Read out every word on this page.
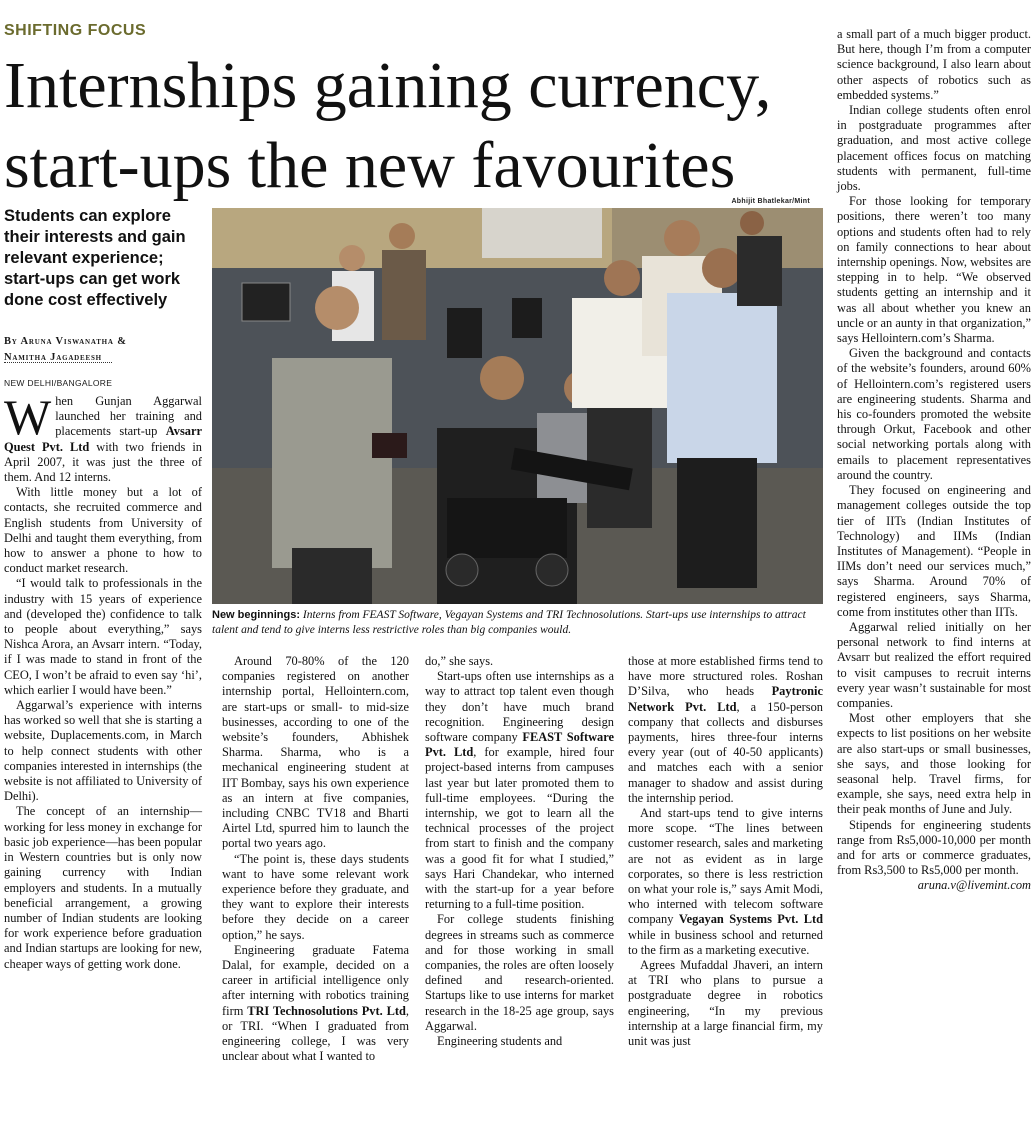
SHIFTING FOCUS
Internships gaining currency,
start-ups the new favourites
Abhijit Bhatlekar/Mint
New beginnings: Interns from FEAST Software, Vegayan Systems and TRI Technosolutions. Start-ups use internships to attract talent and tend to give interns less restrictive roles than big companies would.
Students can explore their interests and gain relevant experience; start-ups can get work done cost effectively
By Aruna Viswanatha &
Namitha Jagadeesh
NEW DELHI/BANGALORE

When Gunjan Aggarwal launched her training and placements start-up Avsarr Quest Pvt. Ltd with two friends in April 2007, it was just the three of them. And 12 interns.

With little money but a lot of contacts, she recruited commerce and English students from University of Delhi and taught them everything, from how to answer a phone to how to conduct market research.

“I would talk to professionals in the industry with 15 years of experience and (developed the) confidence to talk to people about everything,” says Nishca Arora, an Avsarr intern. “Today, if I was made to stand in front of the CEO, I won’t be afraid to even say ‘hi’, which earlier I would have been.”

Aggarwal’s experience with interns has worked so well that she is starting a website, Duplacements.com, in March to help connect students with other companies interested in internships (the website is not affiliated to University of Delhi).

The concept of an internship—working for less money in exchange for basic job experience—has been popular in Western countries but is only now gaining currency with Indian employers and students. In a mutually beneficial arrangement, a growing number of Indian students are looking for work experience before graduation and Indian startups are looking for new, cheaper ways of getting work done.

Around 70-80% of the 120 companies registered on another internship portal, Hellointern.com, are start-ups or small- to mid-size businesses, according to one of the website’s founders, Abhishek Sharma. Sharma, who is a mechanical engineering student at IIT Bombay, says his own experience as an intern at five companies, including CNBC TV18 and Bharti Airtel Ltd, spurred him to launch the portal two years ago.

“The point is, these days students want to have some relevant work experience before they graduate, and they want to explore their interests before they decide on a career option,” he says.

Engineering graduate Fatema Dalal, for example, decided on a career in artificial intelligence only after interning with robotics training firm TRI Technosolutions Pvt. Ltd, or TRI. “When I graduated from engineering college, I was very unclear about what I wanted to

do,” she says.

Start-ups often use internships as a way to attract top talent even though they don’t have much brand recognition. Engineering design software company FEAST Software Pvt. Ltd, for example, hired four project-based interns from campuses last year but later promoted them to full-time employees. “During the internship, we got to learn all the technical processes of the project from start to finish and the company was a good fit for what I studied,” says Hari Chandekar, who interned with the start-up for a year before returning to a full-time position.

For college students finishing degrees in streams such as commerce and for those working in small companies, the roles are often loosely defined and research-oriented. Startups like to use interns for market research in the 18-25 age group, says Aggarwal.

Engineering students and

those at more established firms tend to have more structured roles. Roshan D’Silva, who heads Paytronic Network Pvt. Ltd, a 150-person company that collects and disburses payments, hires three-four interns every year (out of 40-50 applicants) and matches each with a senior manager to shadow and assist during the internship period.

And start-ups tend to give interns more scope. “The lines between customer research, sales and marketing are not as evident as in large corporates, so there is less restriction on what your role is,” says Amit Modi, who interned with telecom software company Vegayan Systems Pvt. Ltd while in business school and returned to the firm as a marketing executive.

Agrees Mufaddal Jhaveri, an intern at TRI who plans to pursue a postgraduate degree in robotics engineering, “In my previous internship at a large financial firm, my unit was just

a small part of a much bigger product. But here, though I’m from a computer science background, I also learn about other aspects of robotics such as embedded systems.”

Indian college students often enrol in postgraduate programmes after graduation, and most active college placement offices focus on matching students with permanent, full-time jobs.

For those looking for temporary positions, there weren’t too many options and students often had to rely on family connections to hear about internship openings. Now, websites are stepping in to help. “We observed students getting an internship and it was all about whether you knew an uncle or an aunty in that organization,” says Hellointern.com’s Sharma.

Given the background and contacts of the website’s founders, around 60% of Hellointern.com’s registered users are engineering students. Sharma and his co-founders promoted the website through Orkut, Facebook and other social networking portals along with emails to placement representatives around the country.

They focused on engineering and management colleges outside the top tier of IITs (Indian Institutes of Technology) and IIMs (Indian Institutes of Management). “People in IIMs don’t need our services much,” says Sharma. Around 70% of registered engineers, says Sharma, come from institutes other than IITs.

Aggarwal relied initially on her personal network to find interns at Avsarr but realized the effort required to visit campuses to recruit interns every year wasn’t sustainable for most companies.

Most other employers that she expects to list positions on her website are also start-ups or small businesses, she says, and those looking for seasonal help. Travel firms, for example, she says, need extra help in their peak months of June and July.

Stipends for engineering students range from Rs5,000-10,000 per month and for arts or commerce graduates, from Rs3,500 to Rs5,000 per month.

aruna.v@livemint.com
